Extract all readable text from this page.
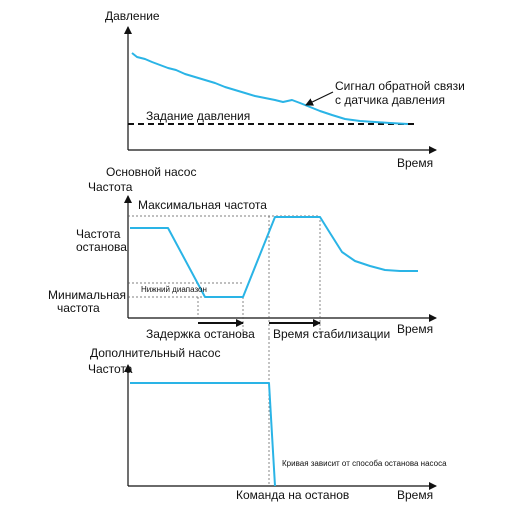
Давление
Время
Задание давления
Сигнал обратной связи
с датчика давления
Основной насос
Частота
Время
Максимальная частота
Частота
останова
Нижний диапазон
Минимальная
частота
Задержка останова Время стабилизации
Дополнительный насос
Частота
Время
Кривая зависит от способа останова насоса
Команда на останов
